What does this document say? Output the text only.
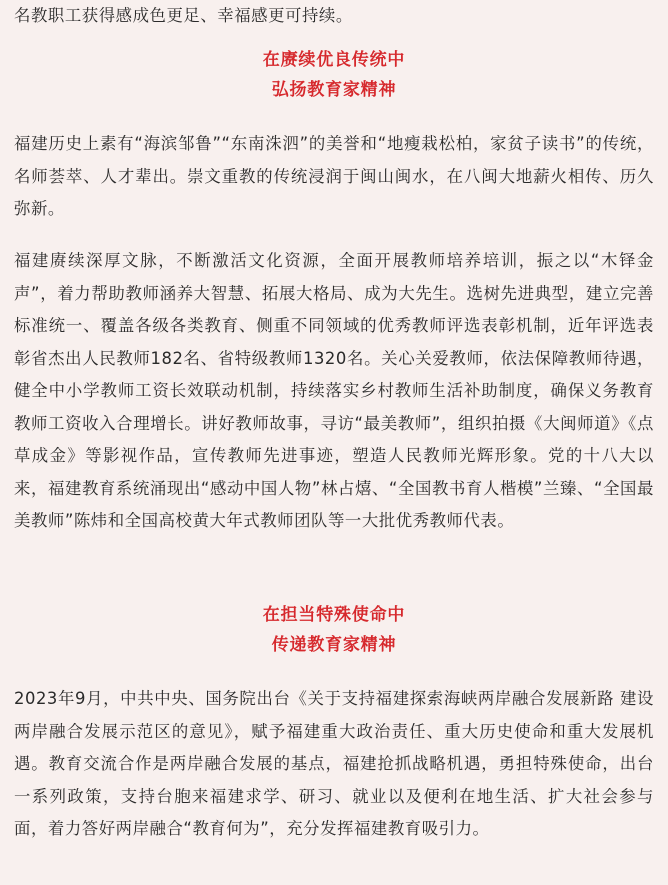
名教职工获得感成色更足、幸福感更可持续。

在赓续优良传统中
弘扬教育家精神

福建历史上素有“海滨邹鲁”“东南洙泗”的美誉和“地瘦栽松柏，家贫子读书”的传统，名师荟萃、人才辈出。崇文重教的传统浸润于闽山闽水，在八闽大地薪火相传、历久弥新。

福建赓续深厚文脉，不断激活文化资源，全面开展教师培养培训，振之以“木铎金声”，着力帮助教师涵养大智慧、拓展大格局、成为大先生。选树先进典型，建立完善标准统一、覆盖各级各类教育、侧重不同领域的优秀教师评选表彰机制，近年评选表彰省杰出人民教师182名、省特级教师1320名。关心关爱教师，依法保障教师待遇，健全中小学教师工资长效联动机制，持续落实乡村教师生活补助制度，确保义务教育教师工资收入合理增长。讲好教师故事，寻访“最美教师”，组织拍摄《大闽师道》《点草成金》等影视作品，宣传教师先进事迹，塑造人民教师光辉形象。党的十八大以来，福建教育系统涌现出“感动中国人物”林占熺、“全国教书育人楷模”兰臻、“全国最美教师”陈炜和全国高校黄大年式教师团队等一大批优秀教师代表。

在担当特殊使命中
传递教育家精神

2023年9月，中共中央、国务院出台《关于支持福建探索海峡两岸融合发展新路 建设两岸融合发展示范区的意见》，赋予福建重大政治责任、重大历史使命和重大发展机遇。教育交流合作是两岸融合发展的基点，福建抢抓战略机遇，勇担特殊使命，出台一系列政策，支持台胞来福建求学、研习、就业以及便利在地生活、扩大社会参与面，着力答好两岸融合“教育何为”，充分发挥福建教育吸引力。
